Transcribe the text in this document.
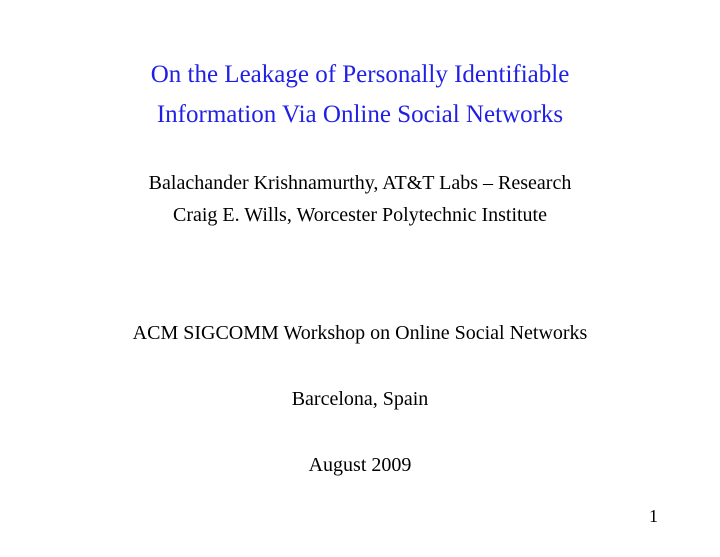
On the Leakage of Personally Identifiable
Information Via Online Social Networks
Balachander Krishnamurthy, AT&T Labs – Research
Craig E. Wills, Worcester Polytechnic Institute
ACM SIGCOMM Workshop on Online Social Networks
Barcelona, Spain
August 2009
1
